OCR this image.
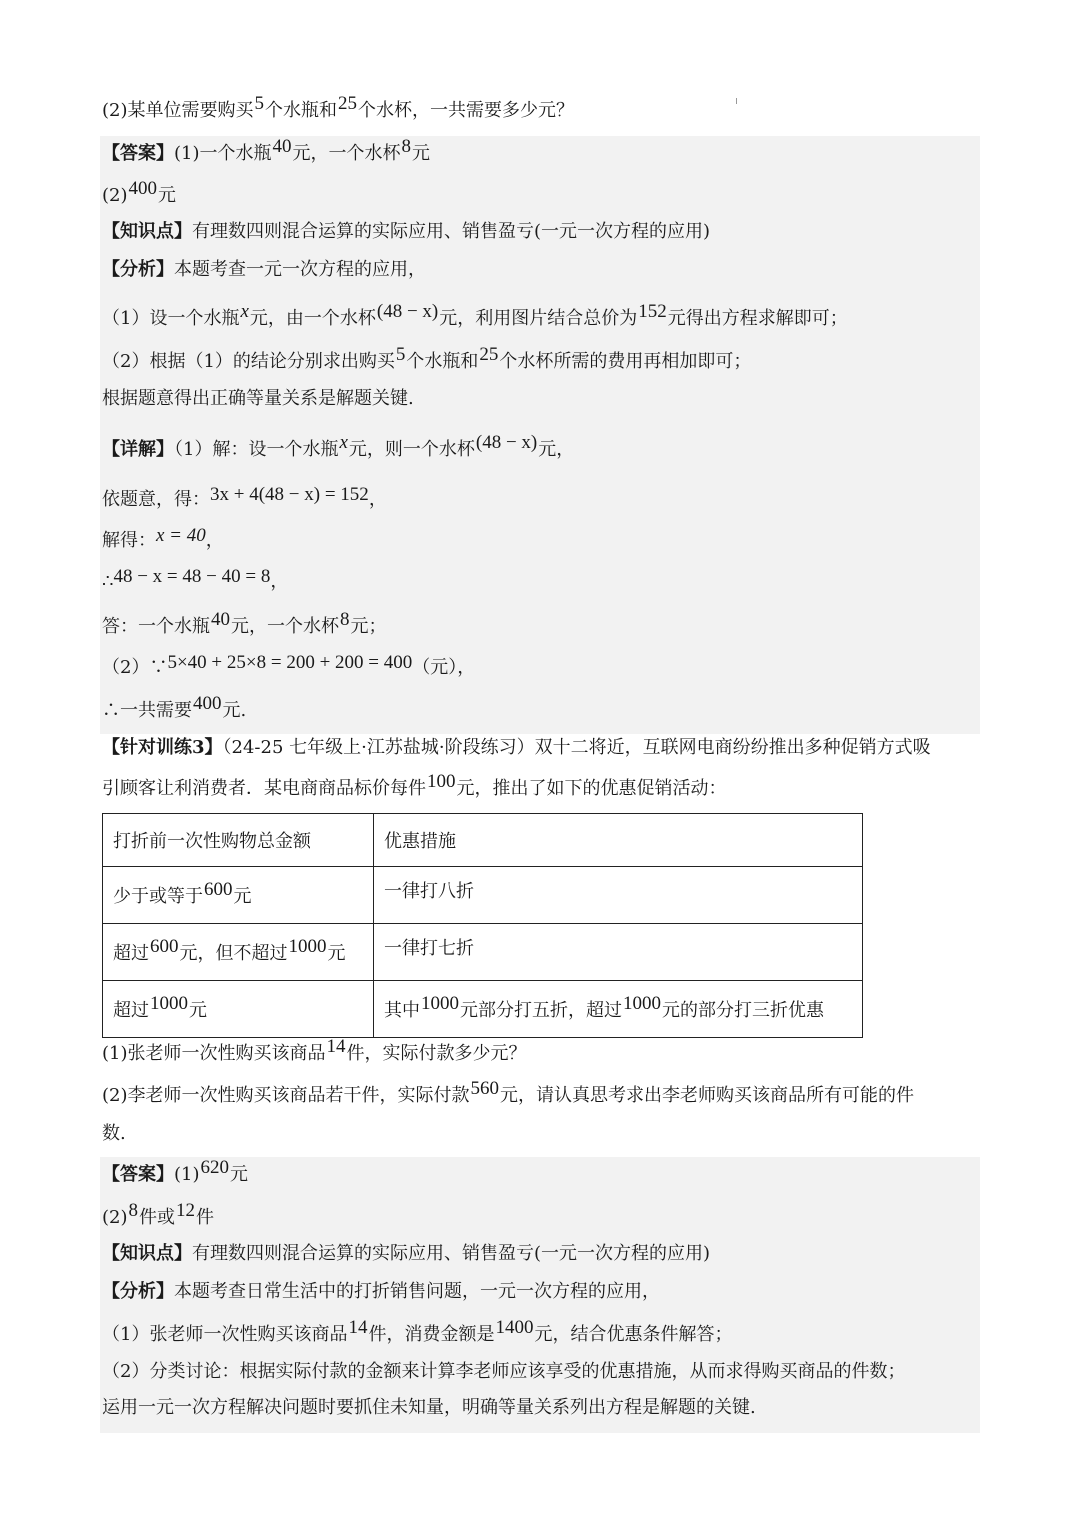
(2)某单位需要购买5个水瓶和25个水杯，一共需要多少元？
【答案】(1)一个水瓶40元，一个水杯8元
(2)400元
【知识点】有理数四则混合运算的实际应用、销售盈亏(一元一次方程的应用)
【分析】本题考查一元一次方程的应用，
（1）设一个水瓶x元，由一个水杯(48 − x)元，利用图片结合总价为152元得出方程求解即可；
（2）根据（1）的结论分别求出购买5个水瓶和25个水杯所需的费用再相加即可；
根据题意得出正确等量关系是解题关键.
【详解】（1）解：设一个水瓶x元，则一个水杯(48 − x)元，
依题意，得：3x + 4(48 − x) = 152，
解得：x = 40，
∴48 − x = 48 − 40 = 8，
答：一个水瓶40元，一个水杯8元；
（2）∵5×40 + 25×8 = 200 + 200 = 400（元），
∴一共需要400元.
【针对训练3】（24-25 七年级上·江苏盐城·阶段练习）双十二将近，互联网电商纷纷推出多种促销方式吸
引顾客让利消费者．某电商商品标价每件100元，推出了如下的优惠促销活动：
打折前一次性购物总金额	优惠措施
少于或等于600元	一律打八折
超过600元，但不超过1000元	一律打七折
超过1000元	其中1000元部分打五折，超过1000元的部分打三折优惠
(1)张老师一次性购买该商品14件，实际付款多少元？
(2)李老师一次性购买该商品若干件，实际付款560元，请认真思考求出李老师购买该商品所有可能的件
数.
【答案】(1)620元
(2)8件或12件
【知识点】有理数四则混合运算的实际应用、销售盈亏(一元一次方程的应用)
【分析】本题考查日常生活中的打折销售问题，一元一次方程的应用，
（1）张老师一次性购买该商品14件，消费金额是1400元，结合优惠条件解答；
（2）分类讨论：根据实际付款的金额来计算李老师应该享受的优惠措施，从而求得购买商品的件数；
运用一元一次方程解决问题时要抓住未知量，明确等量关系列出方程是解题的关键.
